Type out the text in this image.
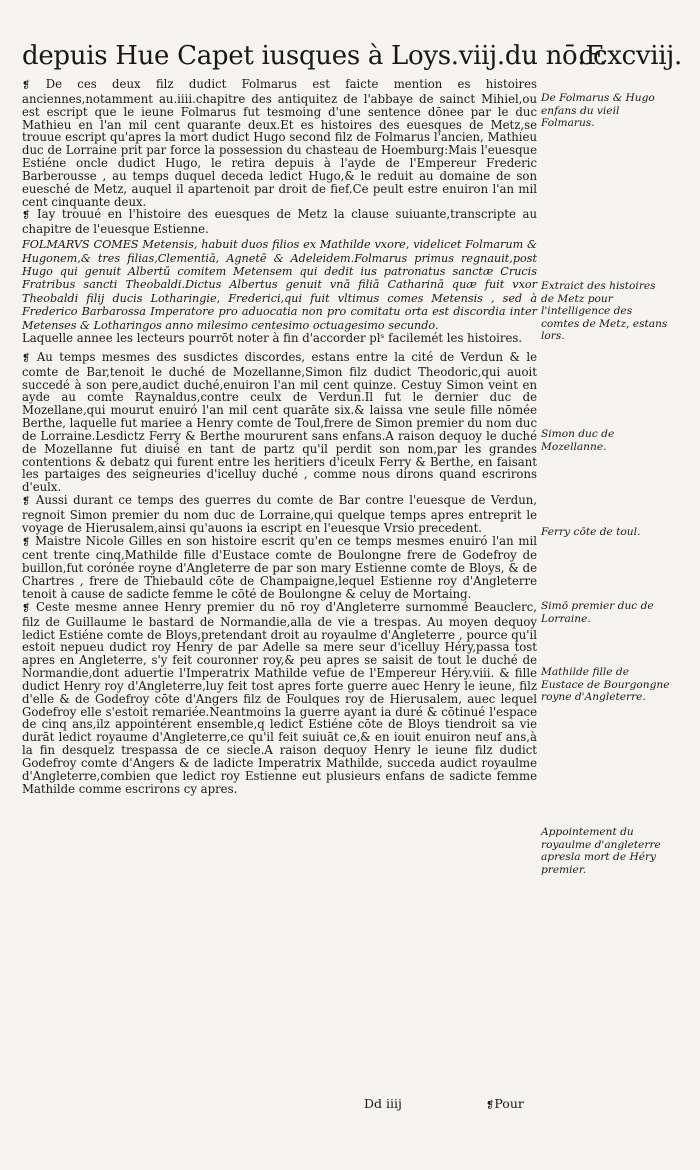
depuis Hue Capet iusques à Loys.viij.du nō.F.
ccxcviij.

❡ De ces deux filz dudict Folmarus est faicte mention es histoires anciennes,notamment au.iiii.chapitre des antiquitez de l'abbaye de sainct Mihiel,ou est escript que le ieune Folmarus fut tesmoing d'une sentence dōnee par le duc Mathieu en l'an mil cent quarante deux.Et es histoires des euesques de Metz,se trouue escript qu'apres la mort dudict Hugo second filz de Folmarus l'ancien, Mathieu duc de Lorraine prit par force la possession du chasteau de Hoemburg:Mais l'euesque Estiéne oncle dudict Hugo, le retira depuis à l'ayde de l'Empereur Frederic Barberousse , au temps duquel deceda ledict Hugo,& le reduit au domaine de son euesché de Metz, auquel il apartenoit par droit de fief.Ce peult estre enuiron l'an mil cent cinquante deux.

❡ Iay trouué en l'histoire des euesques de Metz la clause suiuante,transcripte au chapitre de l'euesque Estienne.

FOLMARVS COMES Metensis, habuit duos filios ex Mathilde vxore, videlicet Folmarum & Hugonem,& tres filias,Clementiā, Agnetē & Adeleidem.Folmarus primus regnauit,post Hugo qui genuit Albertū comitem Metensem qui dedit ius patronatus sanctæ Crucis Fratribus sancti Theobaldi.Dictus Albertus genuit vnā filiā Catharinā quæ fuit vxor Theobaldi filij ducis Lotharingie, Frederici,qui fuit vltimus comes Metensis , sed à Frederico Barbarossa Imperatore pro aduocatia non pro comitatu orta est discordia inter Metenses & Lotharingos anno milesimo centesimo octuagesimo secundo.

Laquelle annee les lecteurs pourrōt noter à fin d'accorder plˢ facilemét les histoires.

❡ Au temps mesmes des susdictes discordes, estans entre la cité de Verdun & le comte de Bar,tenoit le duché de Mozellanne,Simon filz dudict Theodoric,qui auoit succedé à son pere,audict duché,enuiron l'an mil cent quinze. Cestuy Simon veint en ayde au comte Raynaldus,contre ceulx de Verdun.Il fut le dernier duc de Mozellane,qui mourut enuiró l'an mil cent quarāte six.& laissa vne seule fille nōmée Berthe, laquelle fut mariee a Henry comte de Toul,frere de Simon premier du nom duc de Lorraine.Lesdictz Ferry & Berthe moururent sans enfans.A raison dequoy le duché de Mozellanne fut diuisé en tant de partz qu'il perdit son nom,par les grandes contentions & debatz qui furent entre les heritiers d'iceulx Ferry & Berthe, en faisant les partaiges des seigneuries d'icelluy duché , comme nous dirons quand escrirons d'eulx.

❡ Aussi durant ce temps des guerres du comte de Bar contre l'euesque de Verdun, regnoit Simon premier du nom duc de Lorraine,qui quelque temps apres entreprit le voyage de Hierusalem,ainsi qu'auons ia escript en l'euesque Vrsio precedent.

❡ Maistre Nicole Gilles en son histoire escrit qu'en ce temps mesmes enuiró l'an mil cent trente cinq,Mathilde fille d'Eustace comte de Boulongne frere de Godefroy de buillon,fut corónée royne d'Angleterre de par son mary Estienne comte de Bloys, & de Chartres , frere de Thiebauld cōte de Champaigne,lequel Estienne roy d'Angleterre tenoit à cause de sadicte femme le cōté de Boulongne & celuy de Mortaing.

❡ Ceste mesme annee Henry premier du nō roy d'Angleterre surnommé Beauclerc, filz de Guillaume le bastard de Normandie,alla de vie a trespas. Au moyen dequoy ledict Estiéne comte de Bloys,pretendant droit au royaulme d'Angleterre , pource qu'il estoit nepueu dudict roy Henry de par Adelle sa mere seur d'icelluy Héry,passa tost apres en Angleterre, s'y feit couronner roy,& peu apres se saisit de tout le duché de Normandie,dont aduertie l'Imperatrix Mathilde vefue de l'Empereur Héry.viii. & fille dudict Henry roy d'Angleterre,luy feit tost apres forte guerre auec Henry le ieune, filz d'elle & de Godefroy cōte d'Angers filz de Foulques roy de Hierusalem, auec lequel Godefroy elle s'estoit remariée.Neantmoins la guerre ayant ia duré & cōtinué l'espace de cinq ans,ilz appointérent ensemble,q ledict Estiéne cōte de Bloys tiendroit sa vie durāt ledict royaume d'Angleterre,ce qu'il feit suiuāt ce,& en iouit enuiron neuf ans,à la fin desquelz trespassa de ce siecle.A raison dequoy Henry le ieune filz dudict Godefroy comte d'Angers & de ladicte Imperatrix Mathilde, succeda audict royaulme d'Angleterre,combien que ledict roy Estienne eut plusieurs enfans de sadicte femme Mathilde comme escrirons cy apres.

De Folmarus & Hugo enfans du vieil Folmarus.
Extraict des histoires de Metz pour l'intelligence des comtes de Metz, estans lors.
Simon duc de Mozellanne.
Ferry cōte de toul.
Simō premier duc de Lorraine.
Mathilde fille de Eustace de Bourgongne royne d'Angleterre.
Appointement du royaulme d'angleterre apresla mort de Héry premier.
Dd iiij	❡Pour
